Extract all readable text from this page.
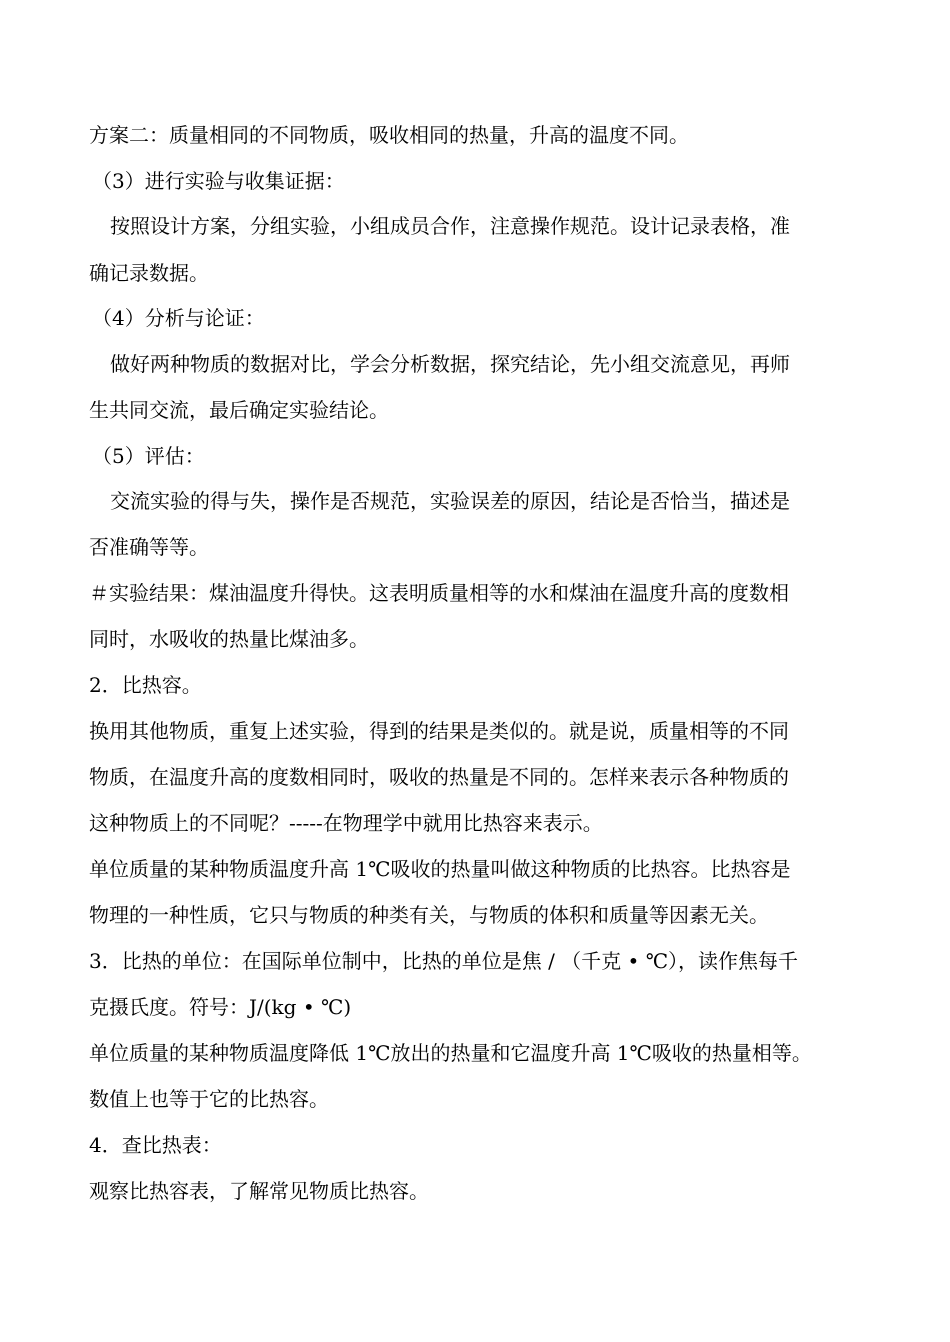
方案二：质量相同的不同物质，吸收相同的热量，升高的温度不同。
（3）进行实验与收集证据：
按照设计方案，分组实验，小组成员合作，注意操作规范。设计记录表格，准
确记录数据。
（4）分析与论证：
做好两种物质的数据对比，学会分析数据，探究结论，先小组交流意见，再师
生共同交流，最后确定实验结论。
（5）评估：
交流实验的得与失，操作是否规范，实验误差的原因，结论是否恰当，描述是
否准确等等。
＃实验结果：煤油温度升得快。这表明质量相等的水和煤油在温度升高的度数相
同时，水吸收的热量比煤油多。
2．比热容。
换用其他物质，重复上述实验，得到的结果是类似的。就是说，质量相等的不同
物质，在温度升高的度数相同时，吸收的热量是不同的。怎样来表示各种物质的
这种物质上的不同呢？-----在物理学中就用比热容来表示。
单位质量的某种物质温度升高 1℃吸收的热量叫做这种物质的比热容。比热容是
物理的一种性质，它只与物质的种类有关，与物质的体积和质量等因素无关。
3．比热的单位：在国际单位制中，比热的单位是焦 / （千克 • ℃），读作焦每千
克摄氏度。符号：J/(kg • ℃)
单位质量的某种物质温度降低 1℃放出的热量和它温度升高 1℃吸收的热量相等。
数值上也等于它的比热容。
4．查比热表：
观察比热容表，了解常见物质比热容。
